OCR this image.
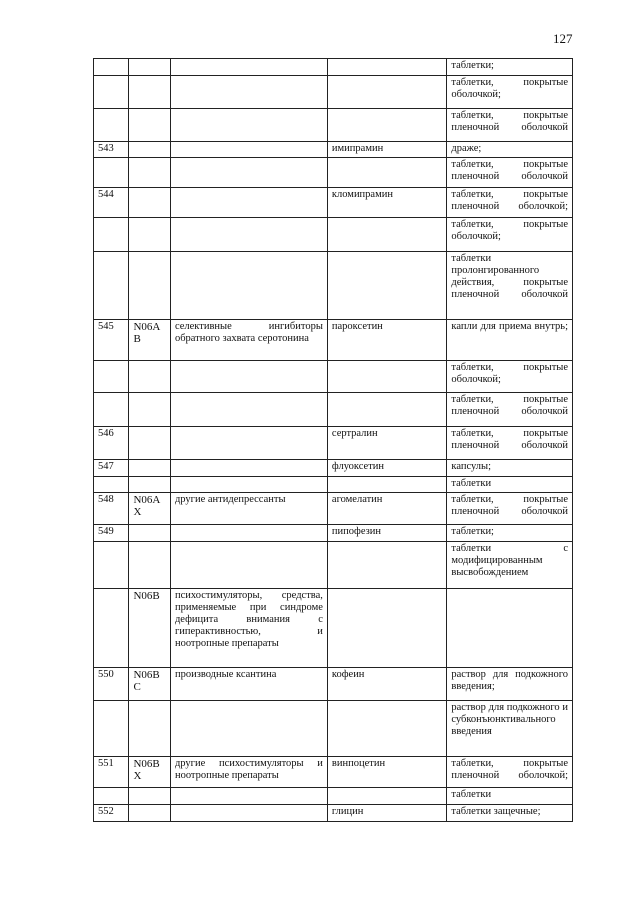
127
				таблетки;
				таблетки, покрытые оболочкой;
				таблетки, покрытые пленочной оболочкой
543			имипрамин	драже;
				таблетки, покрытые пленочной оболочкой
544			кломипрамин	таблетки, покрытые пленочной оболочкой;
				таблетки, покрытые оболочкой;
				таблетки пролонгированного действия, покрытые пленочной оболочкой
545	N06A B	селективные ингибиторы обратного захвата серотонина	пароксетин	капли для приема внутрь;
				таблетки, покрытые оболочкой;
				таблетки, покрытые пленочной оболочкой
546			сертралин	таблетки, покрытые пленочной оболочкой
547			флуоксетин	капсулы;
				таблетки
548	N06A X	другие антидепрессанты	агомелатин	таблетки, покрытые пленочной оболочкой
549			пипофезин	таблетки;
				таблетки с модифицированным высвобождением
	N06B	психостимуляторы, средства, применяемые при синдроме дефицита внимания с гиперактивностью, и ноотропные препараты		
550	N06B C	производные ксантина	кофеин	раствор для подкожного введения;
				раствор для подкожного и субконъюнктивального введения
551	N06B X	другие психостимуляторы и ноотропные препараты	винпоцетин	таблетки, покрытые пленочной оболочкой;
				таблетки
552			глицин	таблетки защечные;
